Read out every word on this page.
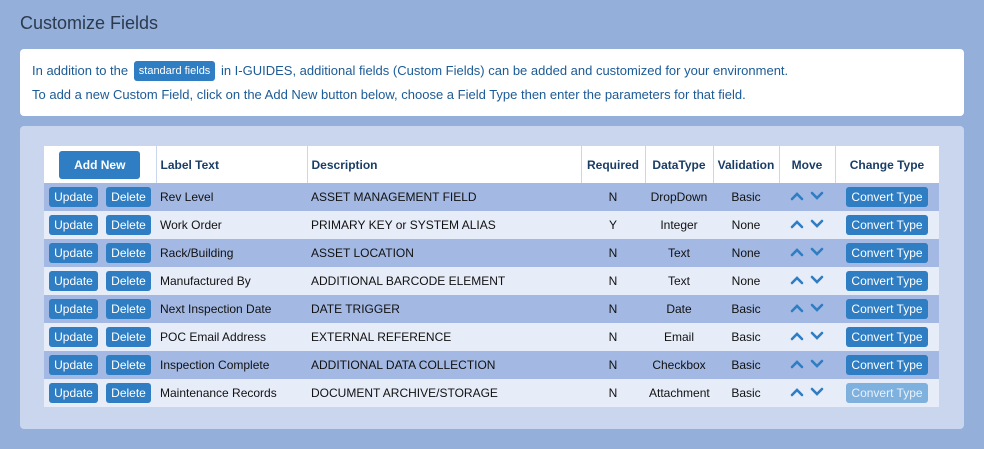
Customize Fields
In addition to the standard fields in I-GUIDES, additional fields (Custom Fields) can be added and customized for your environment.
To add a new Custom Field, click on the Add New button below, choose a Field Type then enter the parameters for that field.
Add New	Label Text	Description	Required	DataType	Validation	Move	Change Type
Update Delete	Rev Level	ASSET MANAGEMENT FIELD	N	DropDown	Basic		Convert Type
Update Delete	Work Order	PRIMARY KEY or SYSTEM ALIAS	Y	Integer	None		Convert Type
Update Delete	Rack/Building	ASSET LOCATION	N	Text	None		Convert Type
Update Delete	Manufactured By	ADDITIONAL BARCODE ELEMENT	N	Text	None		Convert Type
Update Delete	Next Inspection Date	DATE TRIGGER	N	Date	Basic		Convert Type
Update Delete	POC Email Address	EXTERNAL REFERENCE	N	Email	Basic		Convert Type
Update Delete	Inspection Complete	ADDITIONAL DATA COLLECTION	N	Checkbox	Basic		Convert Type
Update Delete	Maintenance Records	DOCUMENT ARCHIVE/STORAGE	N	Attachment	Basic		Convert Type
